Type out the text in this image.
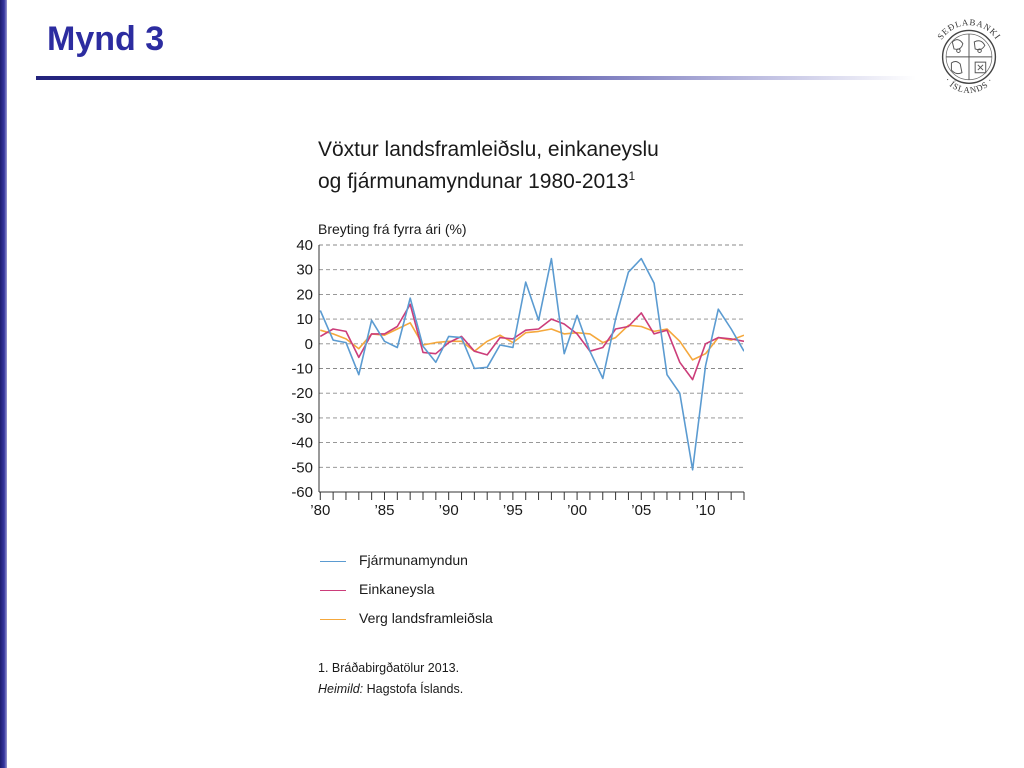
Mynd 3	SEÐLABANKI
· ÍSLANDS ·
Vöxtur landsframleiðslu, einkaneyslu
og fjármunamyndunar 1980-2013$^1$
Breyting frá fyrra ári (%)
40
30
20
10
0
-10
-20
-30
-40
-50
-60
’80	’85	’90	’95	’00	’05	’10
Fjármunamyndun
Einkaneysla
Verg landsframleiðsla
1. Bráðabirgðatölur 2013.
Heimild: Hagstofa Íslands.
